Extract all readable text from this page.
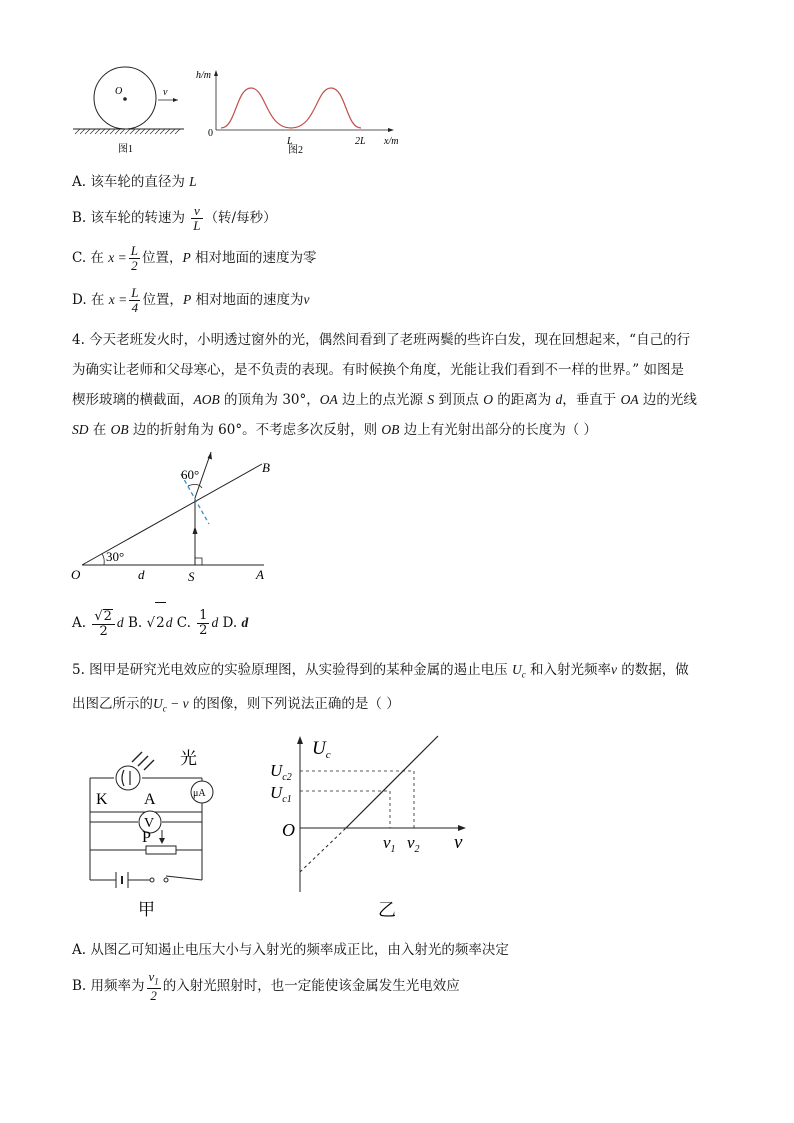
O	v
图1
h/m
0
L	2L x/m
图2
A. 该车轮的直径为 L
B. 该车轮的转速为 $\frac{v}{L}$ （转/每秒）
C. 在 $x = \frac{L}{2}$ 位置，P 相对地面的速度为零
D. 在 $x = \frac{L}{4}$ 位置，P 相对地面的速度为v
4. 今天老班发火时，小明透过窗外的光，偶然间看到了老班两鬓的些许白发，现在回想起来，“自己的行
为确实让老师和父母寒心，是不负责的表现。有时候换个角度，光能让我们看到不一样的世界。” 如图是
楔形玻璃的横截面，AOB 的顶角为 30°，OA 边上的点光源 S 到顶点 O 的距离为 d，垂直于 OA 边的光线
SD 在 OB 边的折射角为 60°。不考虑多次反射，则 OB 边上有光射出部分的长度为（ ）
60°
30°
B
O	d	S	A
A. $\frac{√2}{2}$ d B. √2d C. $\frac{1}{2}$ d D. d
5. 图甲是研究光电效应的实验原理图，从实验得到的某种金属的遏止电压 $U_c$ 和入射光频率ν 的数据，做
出图乙所示的$U_c - \nu$ 的图像，则下列说法正确的是（ ）
光
μA
V
K A
P
甲
$U_c$
$U_{c2}$
$U_{c1}$
O
$v_1$ $v_2$ v
乙
A. 从图乙可知遏止电压大小与入射光的频率成正比，由入射光的频率决定
B. 用频率为 $\frac{\nu_1}{2}$ 的入射光照射时，也一定能使该金属发生光电效应
